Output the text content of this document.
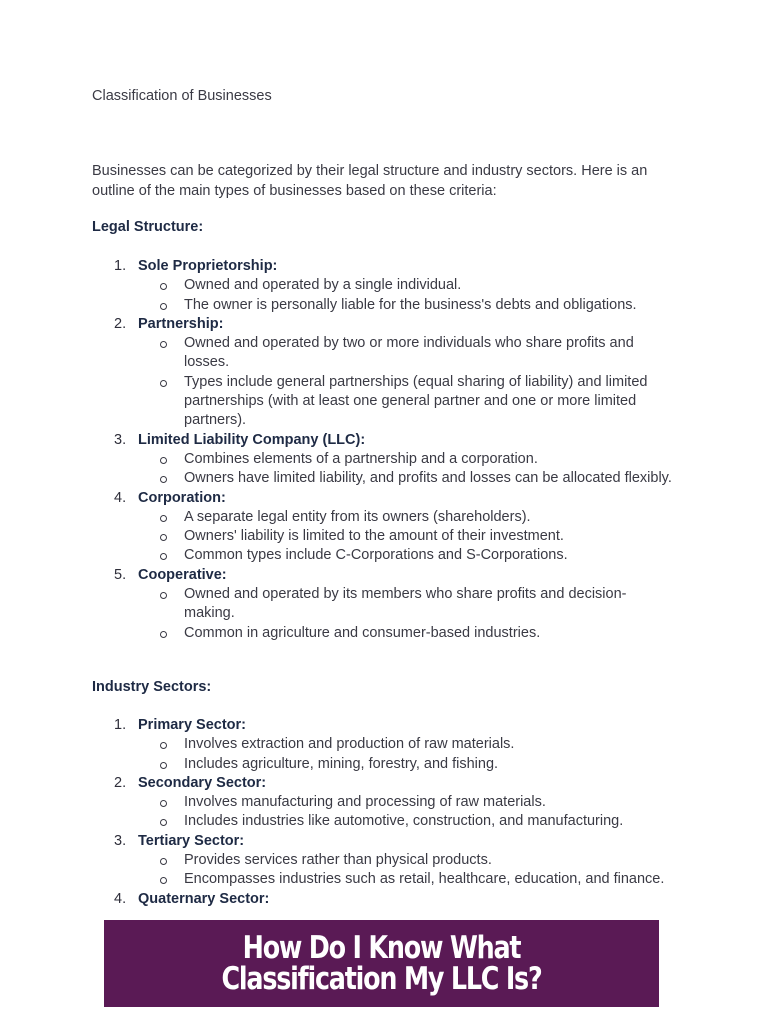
Classification of Businesses
Businesses can be categorized by their legal structure and industry sectors. Here is an outline of the main types of businesses based on these criteria:
Legal Structure:
1. Sole Proprietorship:
Owned and operated by a single individual.
The owner is personally liable for the business's debts and obligations.
2. Partnership:
Owned and operated by two or more individuals who share profits and losses.
Types include general partnerships (equal sharing of liability) and limited partnerships (with at least one general partner and one or more limited partners).
3. Limited Liability Company (LLC):
Combines elements of a partnership and a corporation.
Owners have limited liability, and profits and losses can be allocated flexibly.
4. Corporation:
A separate legal entity from its owners (shareholders).
Owners' liability is limited to the amount of their investment.
Common types include C-Corporations and S-Corporations.
5. Cooperative:
Owned and operated by its members who share profits and decision-making.
Common in agriculture and consumer-based industries.
Industry Sectors:
1. Primary Sector:
Involves extraction and production of raw materials.
Includes agriculture, mining, forestry, and fishing.
2. Secondary Sector:
Involves manufacturing and processing of raw materials.
Includes industries like automotive, construction, and manufacturing.
3. Tertiary Sector:
Provides services rather than physical products.
Encompasses industries such as retail, healthcare, education, and finance.
4. Quaternary Sector:
How Do I Know What Classification My LLC Is?
